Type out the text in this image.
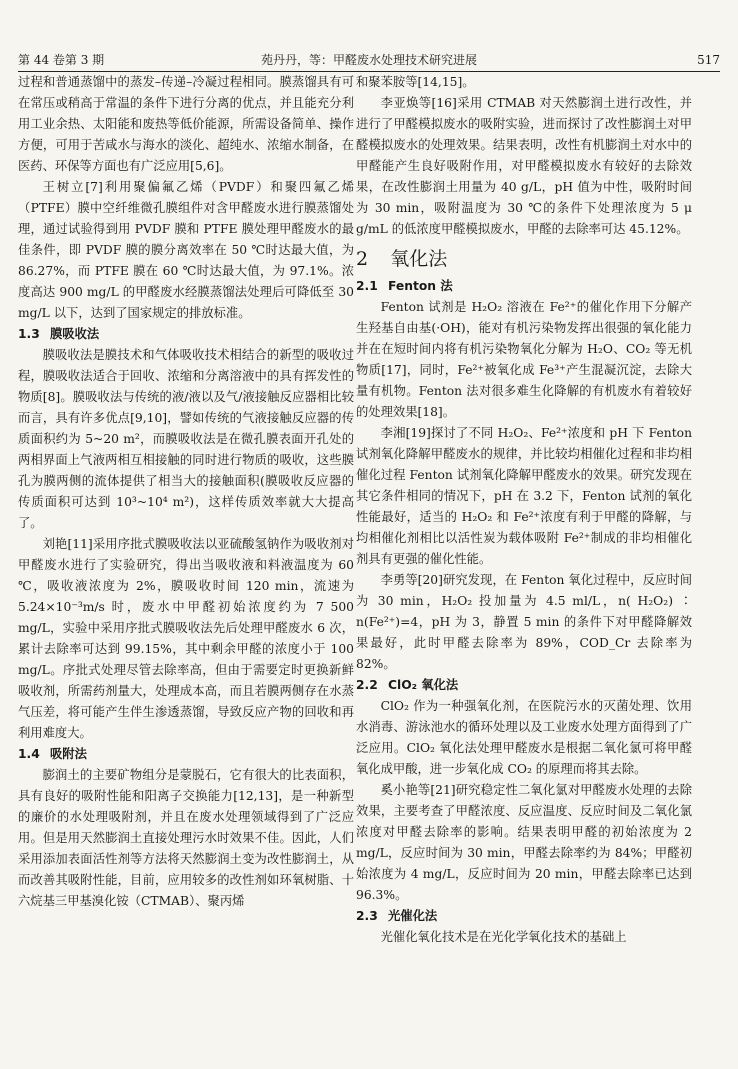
第 44 卷第 3 期	苑丹丹，等：甲醛废水处理技术研究进展	517

过程和普通蒸馏中的蒸发–传递–冷凝过程相同。膜蒸馏具有可在常压或稍高于常温的条件下进行分离的优点，并且能充分利用工业余热、太阳能和废热等低价能源，所需设备简单、操作方便，可用于苦咸水与海水的淡化、超纯水、浓缩水制备，在医药、环保等方面也有广泛应用[5,6]。

王树立[7]利用聚偏氟乙烯（PVDF）和聚四氟乙烯（PTFE）膜中空纤维微孔膜组件对含甲醛废水进行膜蒸馏处理，通过试验得到用 PVDF 膜和 PTFE 膜处理甲醛废水的最佳条件，即 PVDF 膜的膜分离效率在 50 ℃时达最大值，为 86.27%，而 PTFE 膜在 60 ℃时达最大值，为 97.1%。浓度高达 900 mg/L 的甲醛废水经膜蒸馏法处理后可降低至 30 mg/L 以下，达到了国家规定的排放标准。

1.3 膜吸收法

膜吸收法是膜技术和气体吸收技术相结合的新型的吸收过程，膜吸收法适合于回收、浓缩和分离溶液中的具有挥发性的物质[8]。膜吸收法与传统的液/液以及气/液接触反应器相比较而言，具有许多优点[9,10]，譬如传统的气液接触反应器的传质面积约为 5~20 m²，而膜吸收法是在微孔膜表面开孔处的两相界面上气液两相互相接触的同时进行物质的吸收，这些膜孔为膜两侧的流体提供了相当大的接触面积(膜吸收反应器的传质面积可达到 10³~10⁴ m²)，这样传质效率就大大提高了。

刘艳[11]采用序批式膜吸收法以亚硫酸氢钠作为吸收剂对甲醛废水进行了实验研究，得出当吸收液和料液温度为 60 ℃，吸收液浓度为 2%，膜吸收时间 120 min，流速为 5.24×10⁻³m/s 时，废水中甲醛初始浓度约为 7 500 mg/L，实验中采用序批式膜吸收法先后处理甲醛废水 6 次，累计去除率可达到 99.15%，其中剩余甲醛的浓度小于 100 mg/L。序批式处理尽管去除率高，但由于需要定时更换新鲜吸收剂，所需药剂量大，处理成本高，而且若膜两侧存在水蒸气压差，将可能产生伴生渗透蒸馏，导致反应产物的回收和再利用难度大。

1.4 吸附法

膨润土的主要矿物组分是蒙脱石，它有很大的比表面积，具有良好的吸附性能和阳离子交换能力[12,13]，是一种新型的廉价的水处理吸附剂，并且在废水处理领域得到了广泛应用。但是用天然膨润土直接处理污水时效果不佳。因此，人们采用添加表面活性剂等方法将天然膨润土变为改性膨润土，从而改善其吸附性能，目前，应用较多的改性剂如环氧树脂、十六烷基三甲基溴化铵（CTMAB）、聚丙烯

和聚苯胺等[14,15]。

李亚焕等[16]采用 CTMAB 对天然膨润土进行改性，并进行了甲醛模拟废水的吸附实验，进而探讨了改性膨润土对甲醛模拟废水的处理效果。结果表明，改性有机膨润土对水中的甲醛能产生良好吸附作用，对甲醛模拟废水有较好的去除效果，在改性膨润土用量为 40 g/L，pH 值为中性，吸附时间为 30 min，吸附温度为 30 ℃的条件下处理浓度为 5 μ g/mL 的低浓度甲醛模拟废水，甲醛的去除率可达 45.12%。

2 氧化法
2.1 Fenton 法

Fenton 试剂是 H₂O₂ 溶液在 Fe²⁺的催化作用下分解产生羟基自由基(·OH)，能对有机污染物发挥出很强的氧化能力并在在短时间内将有机污染物氧化分解为 H₂O、CO₂ 等无机物质[17]，同时，Fe²⁺被氧化成 Fe³⁺产生混凝沉淀，去除大量有机物。Fenton 法对很多难生化降解的有机废水有着较好的处理效果[18]。

李湘[19]探讨了不同 H₂O₂、Fe²⁺浓度和 pH 下 Fenton 试剂氧化降解甲醛废水的规律，并比较均相催化过程和非均相催化过程 Fenton 试剂氧化降解甲醛废水的效果。研究发现在其它条件相同的情况下，pH 在 3.2 下，Fenton 试剂的氧化性能最好，适当的 H₂O₂ 和 Fe²⁺浓度有利于甲醛的降解，与均相催化剂相比以活性炭为载体吸附 Fe²⁺制成的非均相催化剂具有更强的催化性能。

李勇等[20]研究发现，在 Fenton 氧化过程中，反应时间为 30 min，H₂O₂ 投加量为 4.5 ml/L，n( H₂O₂) ∶ n(Fe²⁺)=4，pH 为 3，静置 5 min 的条件下对甲醛降解效果最好，此时甲醛去除率为 89%，COD_Cr 去除率为 82%。

2.2 ClO₂ 氧化法

ClO₂ 作为一种强氧化剂，在医院污水的灭菌处理、饮用水消毒、游泳池水的循环处理以及工业废水处理方面得到了广泛应用。ClO₂ 氧化法处理甲醛废水是根据二氧化氯可将甲醛氧化成甲酸，进一步氧化成 CO₂ 的原理而将其去除。

奚小艳等[21]研究稳定性二氧化氯对甲醛废水处理的去除效果，主要考查了甲醛浓度、反应温度、反应时间及二氧化氯浓度对甲醛去除率的影响。结果表明甲醛的初始浓度为 2 mg/L，反应时间为 30 min，甲醛去除率约为 84%；甲醛初始浓度为 4 mg/L，反应时间为 20 min，甲醛去除率已达到 96.3%。

2.3 光催化法

光催化氧化技术是在光化学氧化技术的基础上
